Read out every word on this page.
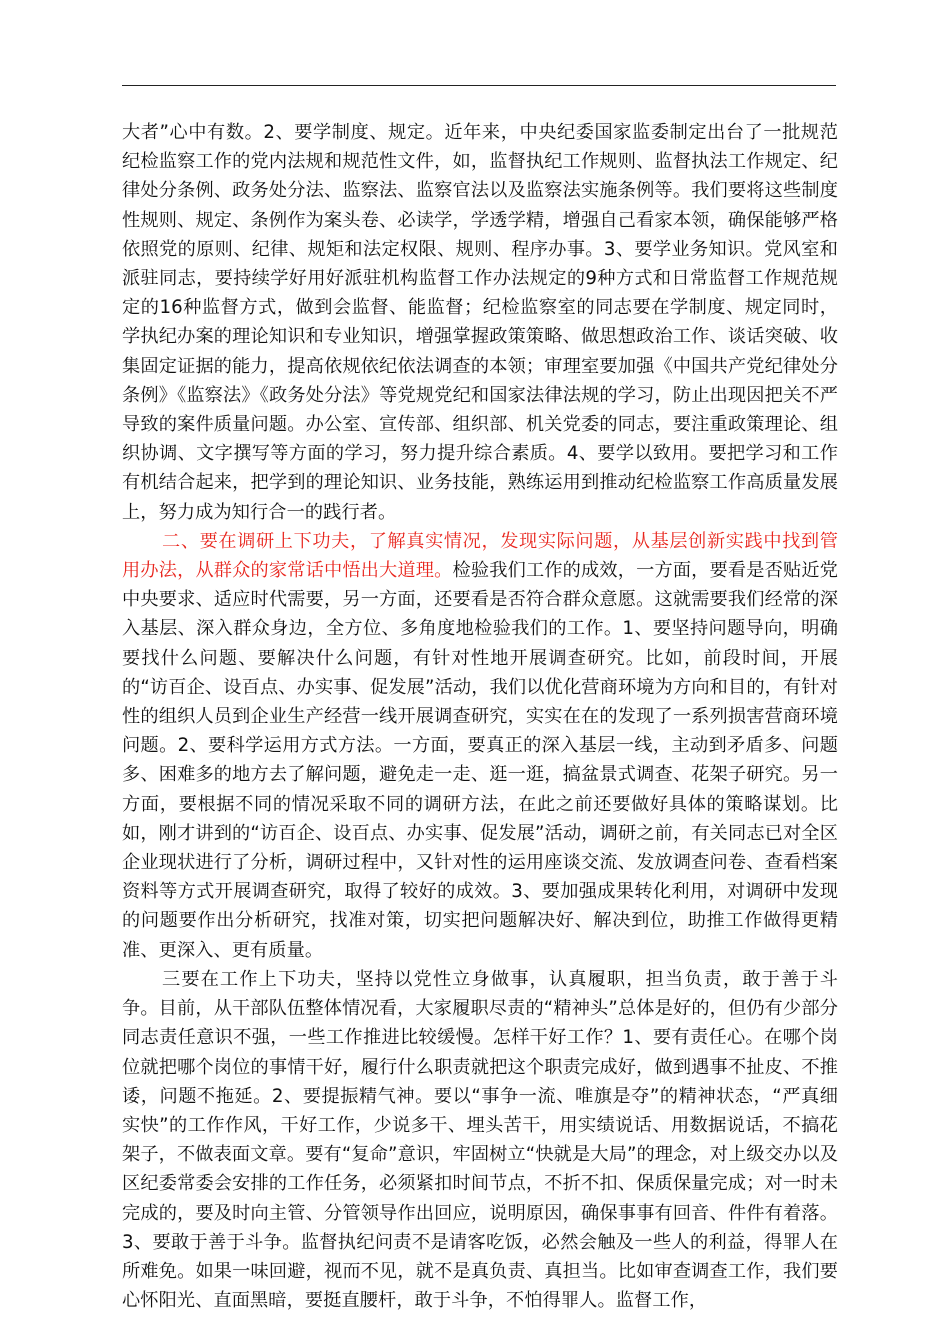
大者”心中有数。2、要学制度、规定。近年来，中央纪委国家监委制定出台了一批规范纪检监察工作的党内法规和规范性文件，如，监督执纪工作规则、监督执法工作规定、纪律处分条例、政务处分法、监察法、监察官法以及监察法实施条例等。我们要将这些制度性规则、规定、条例作为案头卷、必读学，学透学精，增强自己看家本领，确保能够严格依照党的原则、纪律、规矩和法定权限、规则、程序办事。3、要学业务知识。党风室和派驻同志，要持续学好用好派驻机构监督工作办法规定的9种方式和日常监督工作规范规定的16种监督方式，做到会监督、能监督；纪检监察室的同志要在学制度、规定同时，学执纪办案的理论知识和专业知识，增强掌握政策策略、做思想政治工作、谈话突破、收集固定证据的能力，提高依规依纪依法调查的本领；审理室要加强《中国共产党纪律处分条例》《监察法》《政务处分法》等党规党纪和国家法律法规的学习，防止出现因把关不严导致的案件质量问题。办公室、宣传部、组织部、机关党委的同志，要注重政策理论、组织协调、文字撰写等方面的学习，努力提升综合素质。4、要学以致用。要把学习和工作有机结合起来，把学到的理论知识、业务技能，熟练运用到推动纪检监察工作高质量发展上，努力成为知行合一的践行者。

二、要在调研上下功夫，了解真实情况，发现实际问题，从基层创新实践中找到管用办法，从群众的家常话中悟出大道理。检验我们工作的成效，一方面，要看是否贴近党中央要求、适应时代需要，另一方面，还要看是否符合群众意愿。这就需要我们经常的深入基层、深入群众身边，全方位、多角度地检验我们的工作。1、要坚持问题导向，明确要找什么问题、要解决什么问题，有针对性地开展调查研究。比如，前段时间，开展的“访百企、设百点、办实事、促发展”活动，我们以优化营商环境为方向和目的，有针对性的组织人员到企业生产经营一线开展调查研究，实实在在的发现了一系列损害营商环境问题。2、要科学运用方式方法。一方面，要真正的深入基层一线，主动到矛盾多、问题多、困难多的地方去了解问题，避免走一走、逛一逛，搞盆景式调查、花架子研究。另一方面，要根据不同的情况采取不同的调研方法，在此之前还要做好具体的策略谋划。比如，刚才讲到的“访百企、设百点、办实事、促发展”活动，调研之前，有关同志已对全区企业现状进行了分析，调研过程中，又针对性的运用座谈交流、发放调查问卷、查看档案资料等方式开展调查研究，取得了较好的成效。3、要加强成果转化利用，对调研中发现的问题要作出分析研究，找准对策，切实把问题解决好、解决到位，助推工作做得更精准、更深入、更有质量。

三要在工作上下功夫，坚持以党性立身做事，认真履职，担当负责，敢于善于斗争。目前，从干部队伍整体情况看，大家履职尽责的“精神头”总体是好的，但仍有少部分同志责任意识不强，一些工作推进比较缓慢。怎样干好工作？1、要有责任心。在哪个岗位就把哪个岗位的事情干好，履行什么职责就把这个职责完成好，做到遇事不扯皮、不推诿，问题不拖延。2、要提振精气神。要以“事争一流、唯旗是夺”的精神状态，“严真细实快”的工作作风，干好工作，少说多干、埋头苦干，用实绩说话、用数据说话，不搞花架子，不做表面文章。要有“复命”意识，牢固树立“快就是大局”的理念，对上级交办以及区纪委常委会安排的工作任务，必须紧扣时间节点，不折不扣、保质保量完成；对一时未完成的，要及时向主管、分管领导作出回应，说明原因，确保事事有回音、件件有着落。3、要敢于善于斗争。监督执纪问责不是请客吃饭，必然会触及一些人的利益，得罪人在所难免。如果一味回避，视而不见，就不是真负责、真担当。比如审查调查工作，我们要心怀阳光、直面黑暗，要挺直腰杆，敢于斗争，不怕得罪人。监督工作，
